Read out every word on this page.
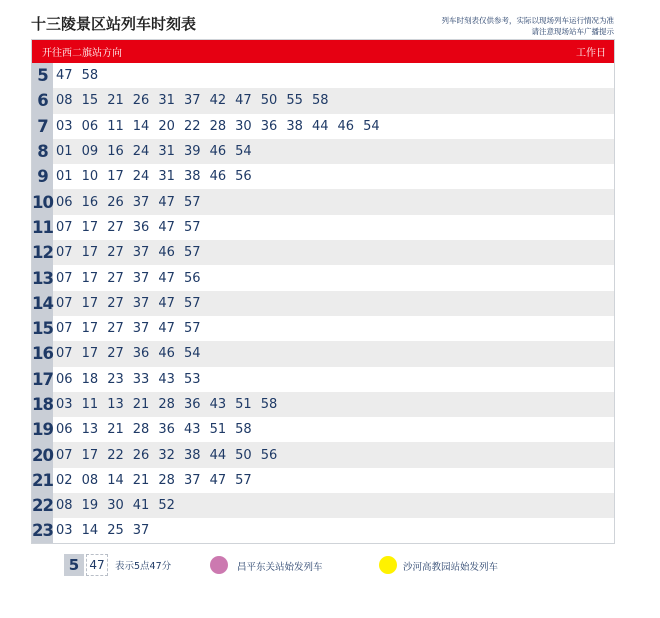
十三陵景区站列车时刻表	列车时刻表仅供参考，实际以现场列车运行情况为准
请注意现场站车广播提示
开往西二旗站方向	工作日
5 47 58
6 08 15 21 26 31 37 42 47 50 55 58
7 03 06 11 14 20 22 28 30 36 38 44 46 54
8 01 09 16 24 31 39 46 54
9 01 10 17 24 31 38 46 56
10 06 16 26 37 47 57
11 07 17 27 36 47 57
12 07 17 27 37 46 57
13 07 17 27 37 47 56
14 07 17 27 37 47 57
15 07 17 27 37 47 57
16 07 17 27 36 46 54
17 06 18 23 33 43 53
18 03 11 13 21 28 36 43 51 58
19 06 13 21 28 36 43 51 58
20 07 17 22 26 32 38 44 50 56
21 02 08 14 21 28 37 47 57
22 08 19 30 41 52
23 03 14 25 37
5 47	表示5点47分	昌平东关站始发列车	沙河高教园站始发列车
